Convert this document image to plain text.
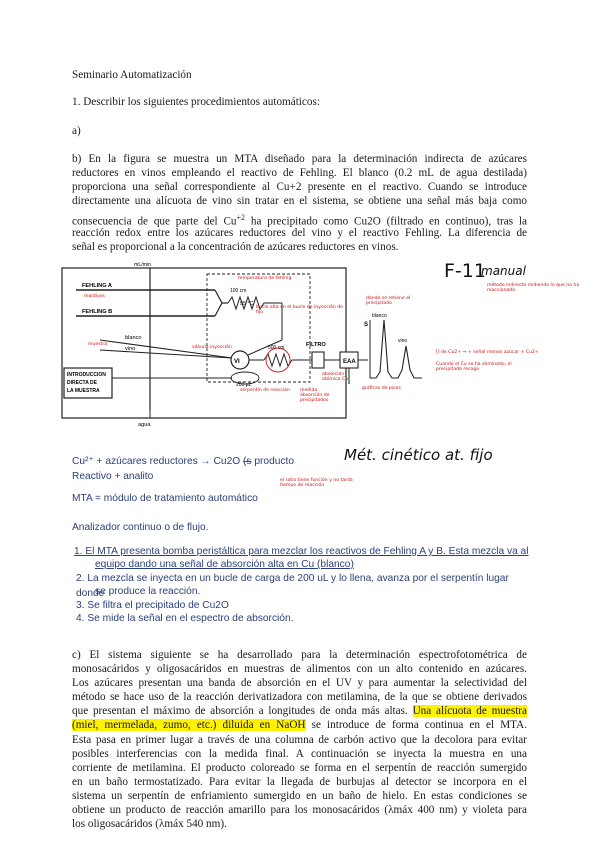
Seminario Automatización
1. Describir los siguientes procedimientos automáticos:
a)
b) En la figura se muestra un MTA diseñado para la determinación indirecta de azúcares
reductores en vinos empleando el reactivo de Fehling. El blanco (0.2 mL de agua destilada)
proporciona una señal correspondiente al Cu+2 presente en el reactivo. Cuando se introduce
directamente una alícuota de vino sin tratar en el sistema, se obtiene una señal más baja como
consecuencia de que parte del $Cu^{+2}$ ha precipitado como Cu2O (filtrado en continuo), tras la
reacción redox entre los azúcares reductores del vino y el reactivo Fehling. La diferencia de
señal es proporcional a la concentración de azúcares reductores en vinos.
F-11
manual
método indirecto midiendo lo que no ha reaccionado
mL/min
FEHLING A
FEHLING B
blanco
vino
INTRODUCCION
DIRECTA DE
LA MUESTRA
agua
95 °C
100 cm
VI
200 µL
500 cm	FILTRO
EAA
S
blanco
vino
reactivos
muestra
temperatura de fehling
bucle alta en el bucle de inyección de fijo
válvula inyección
serpentín de reacción medida absorción de precipitados
donde se retiene el precipitado
absorción atómica Cu
[] de Cu2+ → + señal menos azúcar + Cu2+
Cuando el Cu se ha eliminado, el precipitado recoge
gráficas de picos
Cu²⁺ + azúcares reductores → Cu2O (s producto
Reactivo + analito
Mét. cinético at. fijo
MTA = módulo de tratamiento automático
el ratio tiene función y no tarda tiempo de reacción
Analizador continuo o de flujo.
1. El MTA presenta bomba peristáltica para mezclar los reactivos de Fehling A y B. Esta mezcla va al
equipo dando una señal de absorción alta en Cu (blanco)
2. La mezcla se inyecta en un bucle de carga de 200 uL y lo llena, avanza por el serpentín lugar donde
se produce la reacción.
3. Se filtra el precipitado de Cu2O
4. Se mide la señal en el espectro de absorción.
c) El sistema siguiente se ha desarrollado para la determinación espectrofotométrica de
monosacáridos y oligosacáridos en muestras de alimentos con un alto contenido en azúcares.
Los azúcares presentan una banda de absorción en el UV y para aumentar la selectividad del
método se hace uso de la reacción derivatizadora con metilamina, de la que se obtiene derivados
que presentan el máximo de absorción a longitudes de onda más altas. Una alícuota de muestra
(miel, mermelada, zumo, etc.) diluida en NaOH se introduce de forma continua en el MTA.
Esta pasa en primer lugar a través de una columna de carbón activo que la decolora para evitar
posibles interferencias con la medida final. A continuación se inyecta la muestra en una
corriente de metilamina. El producto coloreado se forma en el serpentín de reacción sumergido
en un baño termostatizado. Para evitar la llegada de burbujas al detector se incorpora en el
sistema un serpentín de enfriamiento sumergido en un baño de hielo. En estas condiciones se
obtiene un producto de reacción amarillo para los monosacáridos (λmáx 400 nm) y violeta para
los oligosacáridos (λmáx 540 nm).
